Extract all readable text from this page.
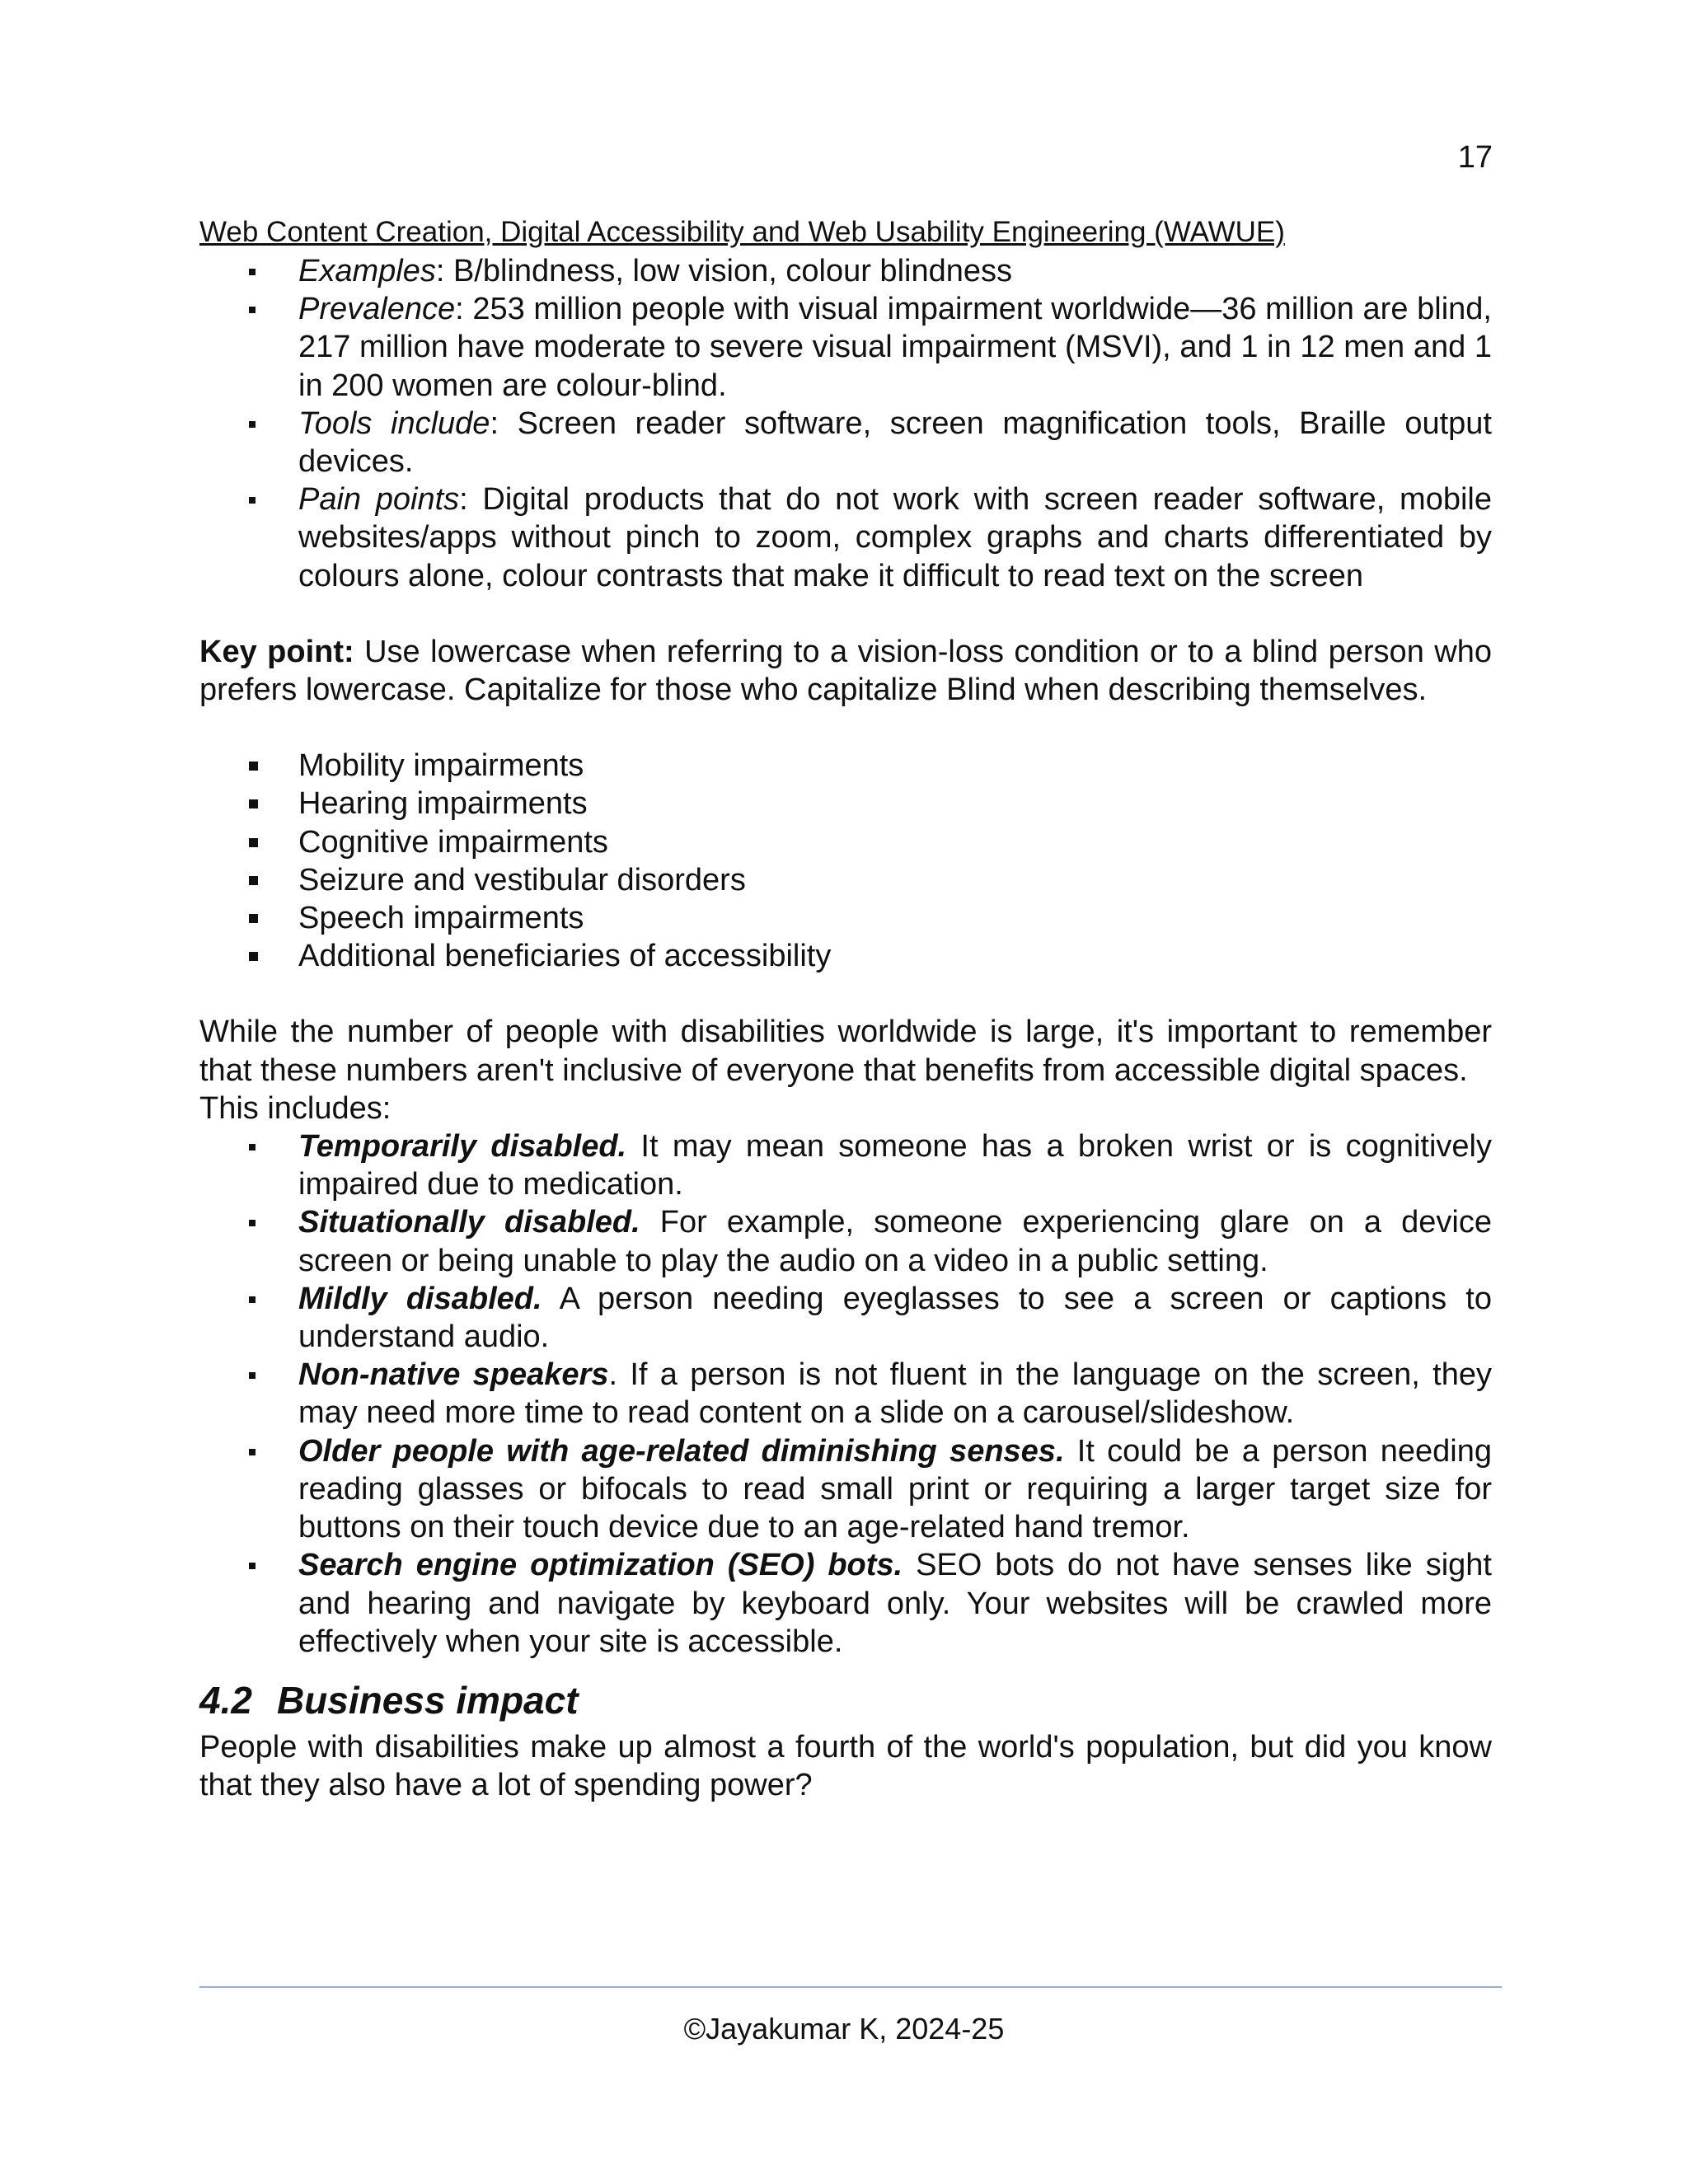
17
Web Content Creation, Digital Accessibility and Web Usability Engineering (WAWUE)
Examples: B/blindness, low vision, colour blindness
Prevalence: 253 million people with visual impairment worldwide—36 million are blind, 217 million have moderate to severe visual impairment (MSVI), and 1 in 12 men and 1 in 200 women are colour-blind.
Tools include: Screen reader software, screen magnification tools, Braille output devices.
Pain points: Digital products that do not work with screen reader software, mobile websites/apps without pinch to zoom, complex graphs and charts differentiated by colours alone, colour contrasts that make it difficult to read text on the screen

Key point: Use lowercase when referring to a vision-loss condition or to a blind person who prefers lowercase. Capitalize for those who capitalize Blind when describing themselves.

Mobility impairments
Hearing impairments
Cognitive impairments
Seizure and vestibular disorders
Speech impairments
Additional beneficiaries of accessibility

While the number of people with disabilities worldwide is large, it's important to remember that these numbers aren't inclusive of everyone that benefits from accessible digital spaces.

This includes:

Temporarily disabled. It may mean someone has a broken wrist or is cognitively impaired due to medication.
Situationally disabled. For example, someone experiencing glare on a device screen or being unable to play the audio on a video in a public setting.
Mildly disabled. A person needing eyeglasses to see a screen or captions to understand audio.
Non-native speakers. If a person is not fluent in the language on the screen, they may need more time to read content on a slide on a carousel/slideshow.
Older people with age-related diminishing senses. It could be a person needing reading glasses or bifocals to read small print or requiring a larger target size for buttons on their touch device due to an age-related hand tremor.
Search engine optimization (SEO) bots. SEO bots do not have senses like sight and hearing and navigate by keyboard only. Your websites will be crawled more effectively when your site is accessible.
4.2 Business impact

People with disabilities make up almost a fourth of the world's population, but did you know that they also have a lot of spending power?

©Jayakumar K, 2024-25
